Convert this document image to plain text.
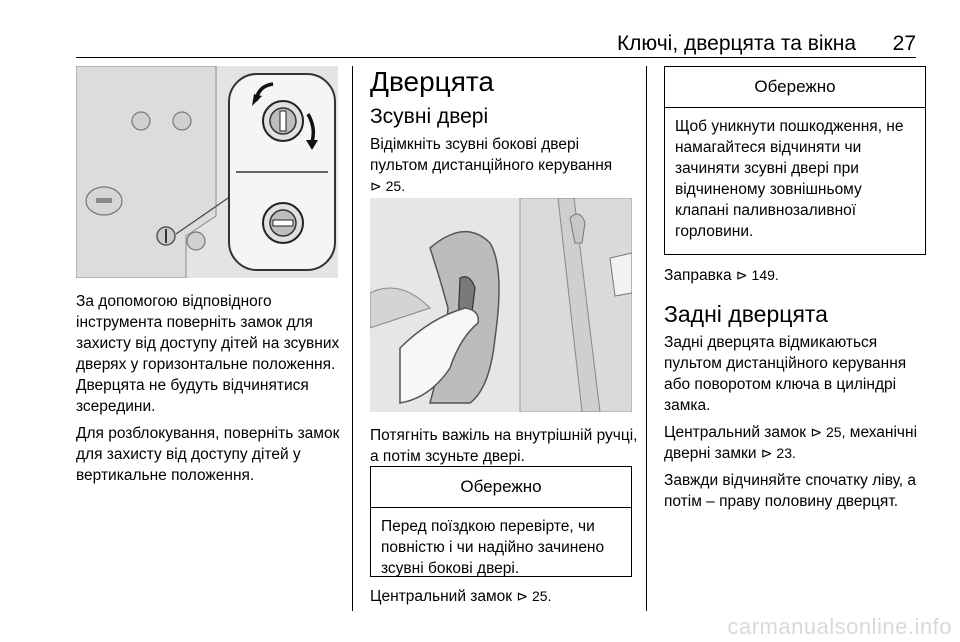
Ключі, дверцята та вікна 27

За допомогою відповідного інструмента поверніть замок для захисту від доступу дітей на зсувних дверях у горизонтальне положення. Дверцята не будуть відчинятися зсередини.

Для розблокування, поверніть замок для захисту від доступу дітей у вертикальне положення.

Дверцята
Зсувні двері

Відімкніть зсувні бокові двері пультом дистанційного керування
⊳ 25.

Потягніть важіль на внутрішній ручці, а потім зсуньте двері.

Обережно
Перед поїздкою перевірте, чи повністю і чи надійно зачинено зсувні бокові двері.
Центральний замок ⊳ 25.
Обережно
Щоб уникнути пошкодження, не намагайтеся відчиняти чи зачиняти зсувні двері при відчиненому зовнішньому клапані паливнозаливної горловини.

Заправка ⊳ 149.

Задні дверцята

Задні дверцята відмикаються пультом дистанційного керування або поворотом ключа в циліндрі замка.

Центральний замок ⊳ 25, механічні дверні замки ⊳ 23.

Завжди відчиняйте спочатку ліву, а потім – праву половину дверцят.

carmanualsonline.info
